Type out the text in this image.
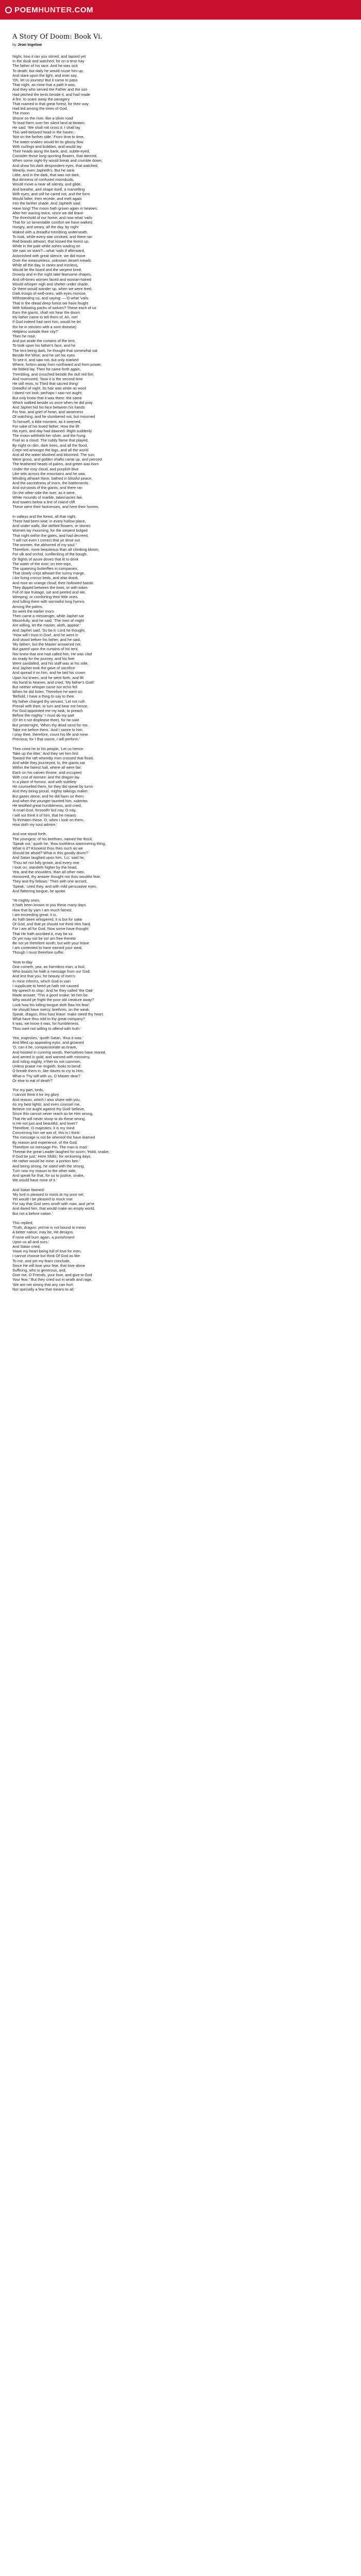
POEM HUNTER .COM
A Story Of Doom: Book Vi.
by Jean Ingelow
Night, how it ran you stirred, and lapsed yet
In the dusk and watched; for on a time hay
The father of his race. And he was sick
To death; but daily he would rouse him up,
And stare upon the light, and ever say,
'Oh, let us journey! But it came to pass
That night, as mine that a path it was,
And they who served the Father and the son
Had pitched the tents beside it, and had made
A fire, to scare away the savagery
That roamed in that great forest, for their way
Had led among the trees of God.
The moon
Shone on the river, like a silver road
To lead them over her silent land at beaten,
He said, 'We shall not cross it: I shall lay
This well-beloved head in the haven,-
'Not on the farther side.' From time to time,
The water-snakes would let its glossy flow
With curlings and bubbles, and would lay
Their heads along the bank, and, subtle-eyed,
Consider those long-sporting flowers, that danced,
When some night-fry would break and crumble down;
And show his dark despondent eyes, that watched,
Wearily, even Japheth's. But he sank
Little, and in the dark, that was not dark,
But dimness of confused moonbuds,
Would move a-near all silently, and glide,
And breathe, and shape itself, a marvelling
With eyes; and still he cared not, and the form
Would falter, then recede, and melt again
Into the farther shade. And Japheth said:
Have long! The moon hath grown again in heaven,
After her waning twice, since we did leave
The threshold of our home; and now what 'vails
That for so lamentable comfort we have walked,
Hungry, and weary, all the day, by night
Waked with a dreadful trembling underneath,
To look, while every star smoked, and there ran
Red brands athwart, that kissed the forest up,
While in the pale white ashes wading on
We saw no stars?—what 'vails if afterward,
Astonished with great silence, we did move
Over the measureless, unknown desert meads
While all the day, in ranks and ironless,
Would lie the lizard and the serpent bred,
Drowsy and in the night take fearsome shapes,
And oft-times women faced and woman-haired
Would whisper nigh and shelter under shade,
Or there would wander up, when we were tired,
Dark troops of wolf-ones, with eyes morose,
Withstanding us, and saying: —'O what 'vails
That in the dread deep forest we have fought
With following packs of wolves? These each of us
Earn the giants, shall not hear the doom
My father came to tell them of. Ah, me!
If God indeed had sent him, would he let
Ifor he in stricken with a sore disease)
Helpless outside their city?'
Then he rose,
And put aside the curtains of the tent,
To look upon his father's face, and he
The tent being dark, he thought that somewhat sat
Beside the Wise; and he set his eyes
To see it, and saw not, but only marked
Where, forlorn away from northward and from power,
He folded lay. Then he came forth again,
Trembling, and crouched beside the dull red fire;
And murmured, 'Now it is the second time
He still rests, to Third that sacred thing!
Dreadful of night. Its hair was white as wool:
I dared not look; perhaps I saw not aught;
But only knew that it was there: the same
Which walked beside us once when he did pray
And Japhet hid his face between his hands
For fear, and grief of heart, and weariness
Of watching; and he slumbered not, but mourned
To himself, a little moment, as it seemed,
For sake of his loved father; How the lift
His eyes, and day had dawned. Right suddenly
The moon withheld her silver, and the hung
Frail as a cloud. The ruddy flame that played,
By night on dim, dark trees, and all the flood,
Crept red amongst the logs, and all the world
And all the water blushed and bloomed. The sun,
Were gross, and golden shafts came up, and pierced
The feathered heads of palms, and green was born
Under the rosy cloud, and purplish blue
Like wits across the mountains and he saw,
Winding athwart them, bathed in blissful peace,
And the sacredness of morn, the battlements
And out-posts of the giants; and there ran
On the other side the river, as it were,
White mounds of marble, tabernacles fair,
And towers below a line of inland cliff.
These were their fastnesses, and here their homes.

In valleys and the forest, all that night,
There had been woe; in every hollow place,
And under walls, like defiled flowers, or stones
Women lay mourning, for the serpent bulged
That night within the gates, and had decreed,
"I will not even I correct that ye drive out
The women, the abhorred of my soul."
Therefore, more beauteous than all climbing bloom,
For ulk and orchid, sunflecking of the bough,
Or flights of azure doves that lit to drink
The water of the river; on tree-tops,
The spawning butterflies in companies,
That slowly crept athwart the sunny marge,
Like living crocus beds, and also drank,
And rose an orange cloud; their hollowed hands
They dipped between the lines, or with tokes
Full of ripe fruitage, sat and peeled and ate,
Weeping; or comforting their little ones,
And lulling them with sorrowful long hymns
Among the palms.
So went the earlier morn.
Then came a messenger, while Japhet sat
Mournfully, and he said, 'The men of might
Are willing, let the master, aloth, appear.'
And Japhet said, 'So be it: Lord he thought,
"How will I trust in God', and he went in
And stood before his father, and he said,
'My father!, but the Master answered not.
But gazed upon the curtains of his tent,
Nor knew that one had called him. He was clad
As ready for the journey, and his feet
Were sandalled, and his staff was at his side,
And Japhet took the gave of sacrifice
And spread it on him, and he laid his crown
Upon his knees, and he went forth, and lift
His hand to heaven, and cried, 'My father's God!'
But neither whisper came nor echo fell
When he did listen. Therefore he went on:
'Behold, I have a thing to say to thee.
My father charged thy servant, 'Let not ruth
Prevail with thee, to turn and bear me hence,
For God appointed me my task, to preach
Before the mighty.' I must do my part
(O! let it not displease thee), for he said
But yesternight, 'When thy dead send for me,
Take me before them.' And I swore to him.
I pray thee, therefore, count his life and mine
Precious; for I that swore, I will perform.'

Then cried he to his people, 'Let us hence:
Take up the litter.' And they set him first
Toward the raft whereby men crossed that flood.
And while they journeyed, lo, the giants sat
Within the fairest hall, where all were fair:
Each on his carven throne, and occupied
With cost of women: and the dragon lay
In a place of honour, and with subtlety
He counselled them, for they did speak by turns
And they being proud, mighty talkings maker.
But gazes alone; and he did fawn on them.
And when the younger taunted him, submiss
He testified great humbleness, and cried,
'A cruel God, forsooth! but nay, O nay,
I will not think it of him, that he means
To threaten these. O, when I look on them,
How doth my soul admire.'

And one stood forth,
The youngest; of his brethren, named the Rock,
'Speak out,' quoth he, 'thou toothless stammering thing,
What is it? Knowest thou then such as we
Should be afraid? What is this goodly doom?'
And Satan laughed upon him, 'Lo,' said he,
'Thou art not fully grown, and every one
I look on, standeth higher by the head,
Yea, and the shoulders, than all other men.
Honoured, thy answer thought not thou wouldst fear,
They and thy fellows.' Then with one accord,
'Speak,' cried they, and with mild persuasive eyes,
And flattering tongue, he spoke.

'Ye mighty ones,
It hath been known to you these many days
How that by yam I am much famed.
I am exceeding great; it is,
As hath been whispered, it is but for sake
Of God, and that ye should not think Him hard,
For I am all for God. Now some have thought
That He hath ascribed it, may be so
Or yet may not be so! am free thereto
Be not ye therefore wroth; but with your leave
I am contented to have earned your weal,
Though I must therefore suffer.

'Now to-day
One cometh, yea, an harmless man, a fool,
Who boasts he hath a message from our God;
And lest that you, for beauty of men's
In mine informs, which God in vain
I supplicate to heed ye hath not caused
My speech to stop.' And he they called 'the Oak'
Made answer, 'This a good snake; let him be.
Why would ye fright the poor old creature away?
Look how his lolling-tongue doth flaw his fear!
He should have mercy, brethren, on the weak.
Speak, dragon, thou hast leave: make steed thy heart.
What have thou told to thy great company?
It was, we know it was, for humbleness,
Thou wert not willing to offend with truth.'

Yea, majesties,' quoth Satan, 'thus it was.'
And lifted up appealing eyes, and groaned
'O, can it be, compassionate as brave,
And hoisted in cunning words, themselves have reared,
And armed in gold, and warned with misnomy,
And ruling mighty, n'ther tis not common,
Unless praise me ringeith, looks to bend:
O breath them in, like slaves to cry to Him,
What is Thy will with us, O Master dear?
Or else to eat of death?'

'For my part, lords,
I cannot think it for my glory
And reason, which I also share with you,
As my best lights; and even counsel me,
Believe not aught against thy God! believe,
Since this cannot never reach so be Him wrong,
That He will never stoop to do these wrong.
Is He not just and beautiful, and lover?
Therefore, O majesties, it is my mind
Concerning him we wot of, this is I think:
The message is not be whereof the have learned
By reason and experience, of the God.
Therefore no message Pin. The man is mad.'
Thereat the great Leader laughed for scorn, 'Hold, snake;
If God be just,' Here Shills,' for reckoning days,
He rather would be mine: a portion ben.'
And being strong, he sided with the strong,
Turn now my reason to the other side,
And speak for that, for so to justice, snake,
We would have none of it.'

And Satan fawned:
'My lord is pleased to mock at my poor wit;
Yet would I be pleased to mock mat
For say that God sees wroth with man, and ye're
And dared him, that would make an empty world,
But not a before nation.'

This replied,
'Truth, dragon; yet'me is not bound to mean
A better nation; may be, He designs,
If none will burn again, a punishment
Upon us all and ours.'
And Satan cried,
'Have my heart being full of love for men,
I cannot choose but think Of God as like
To me, and yet my fears conclude,
Since He will love your fear, that love alone
Sufficing, who is generous, and,
Give me, O Friends, your love, and give to God
Your fear." But they cried out in wrath and rage,
'We are not strong that any can hurt.
Nor specially a few that means to all.'
